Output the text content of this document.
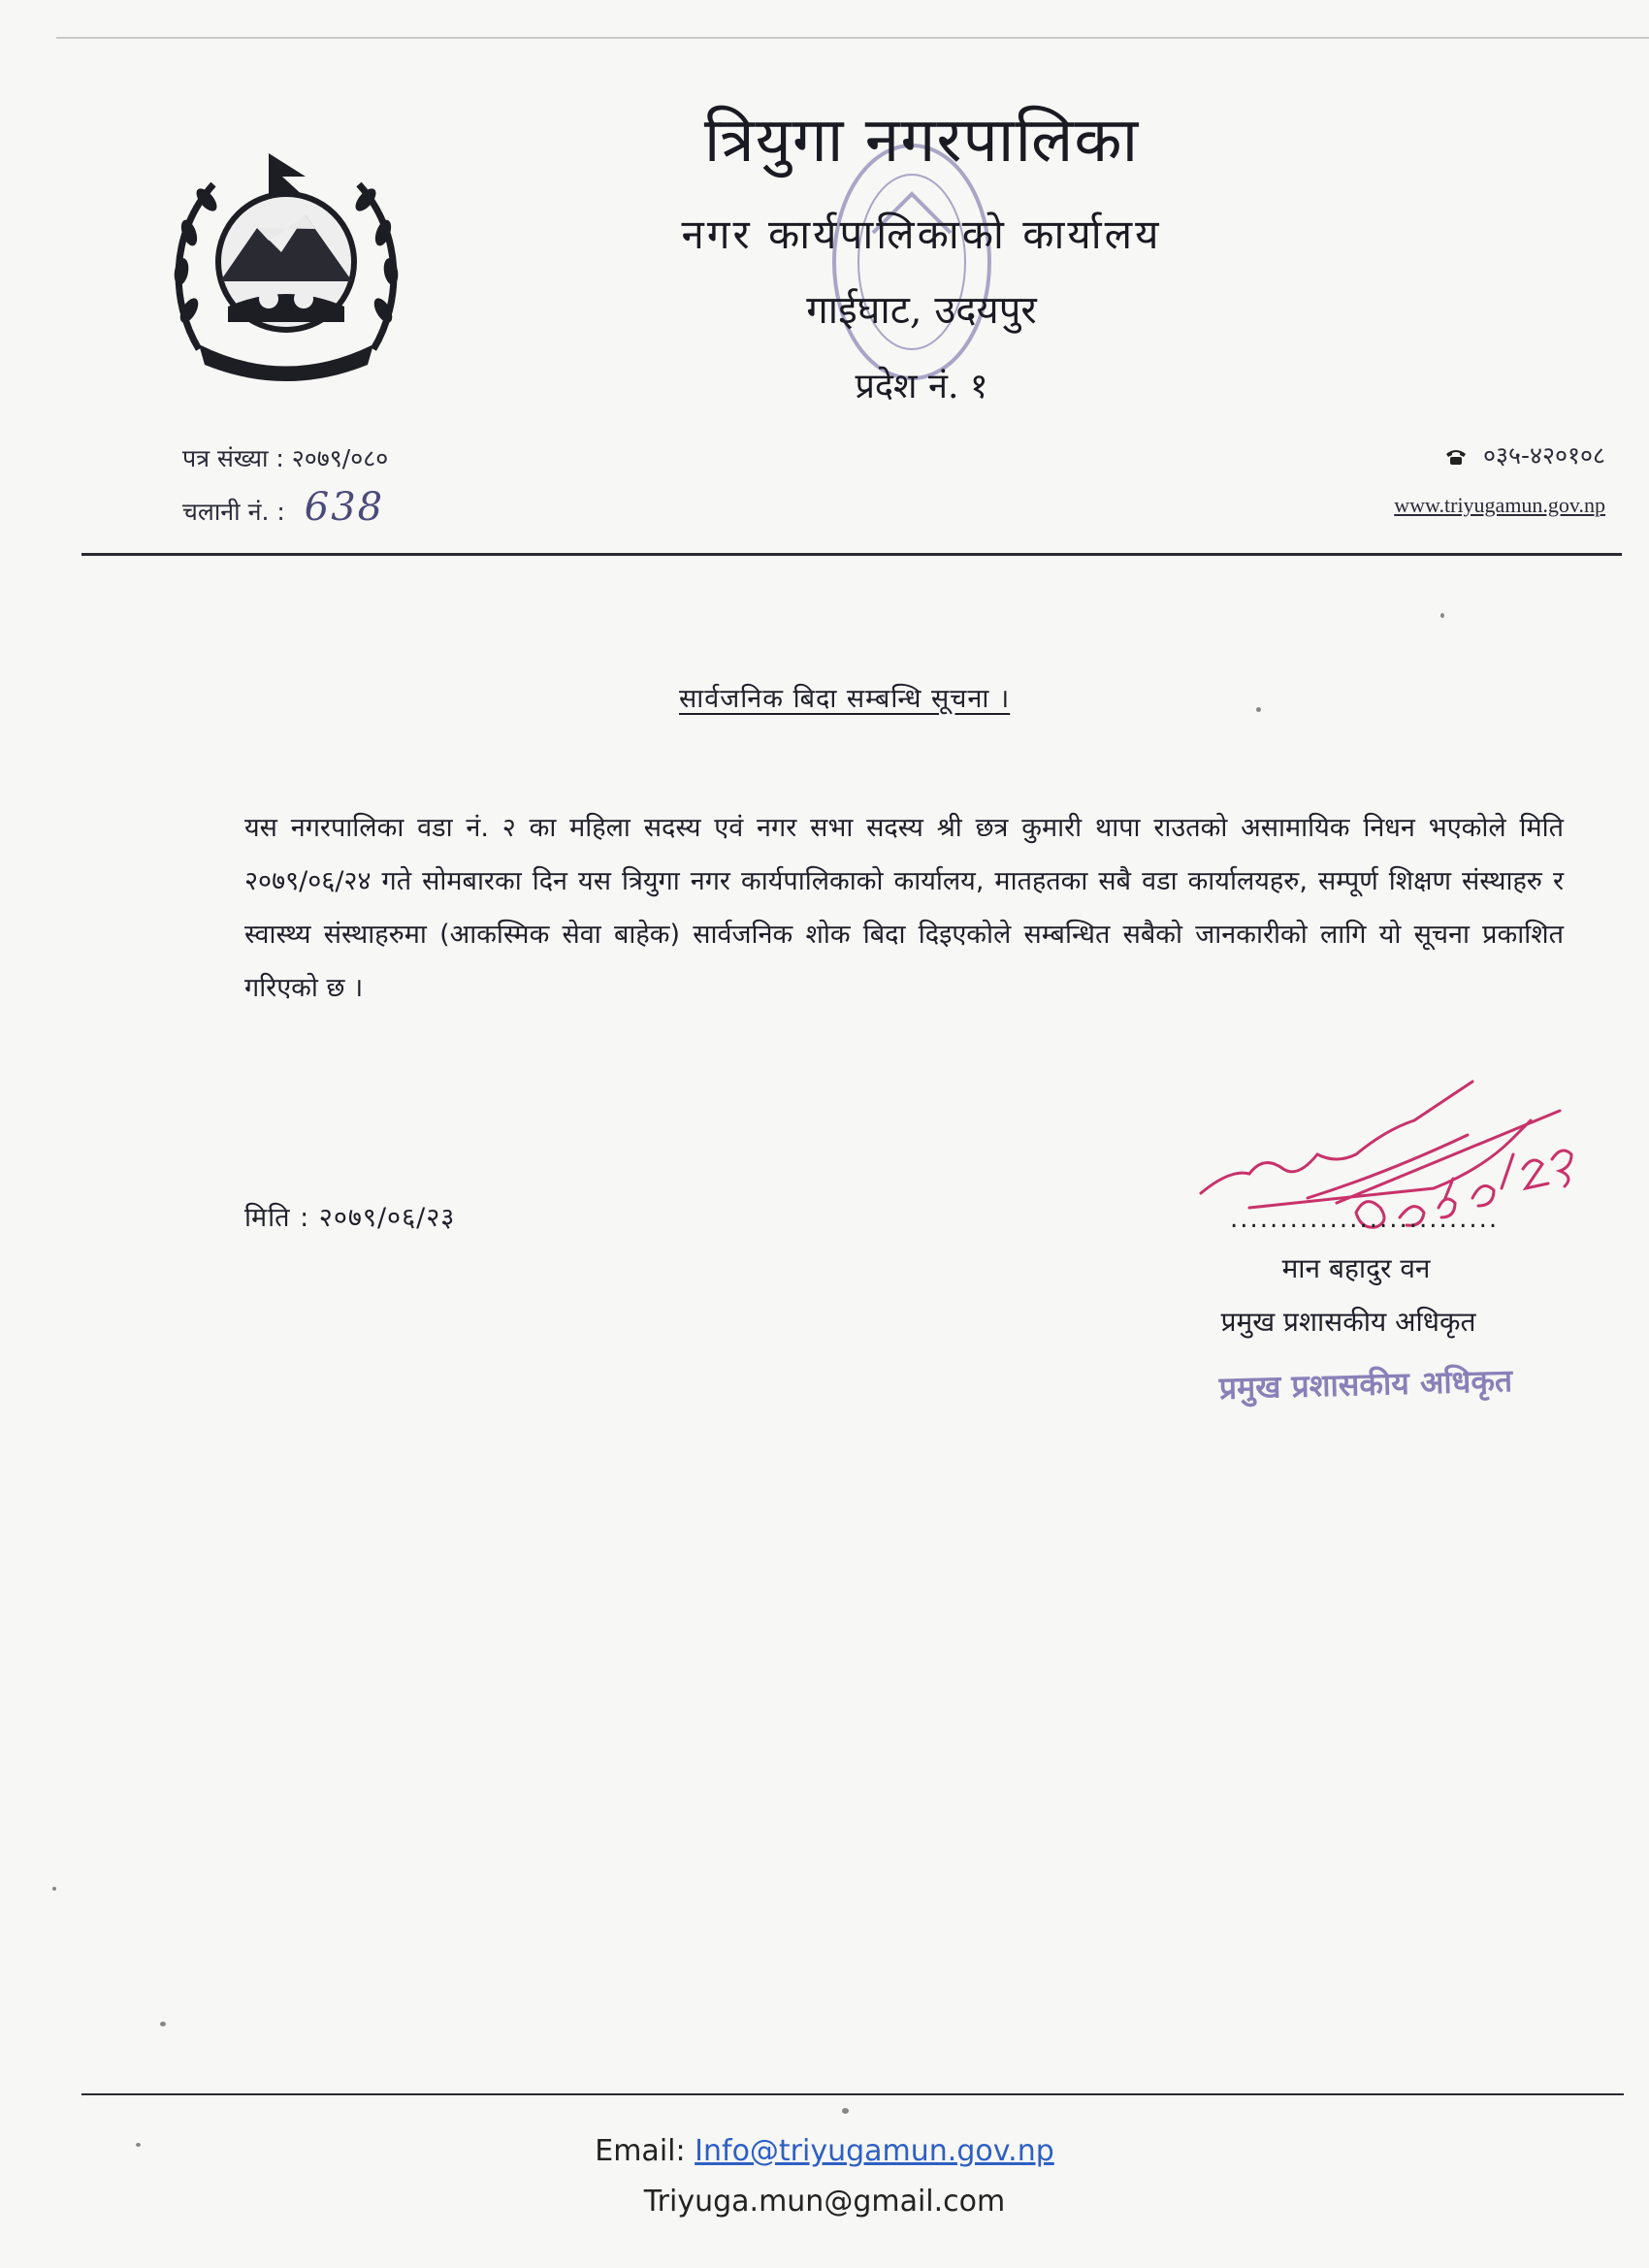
त्रियुगा नगरपालिका
नगर कार्यपालिकाको कार्यालय
गाईघाट, उदयपुर
प्रदेश नं. १
पत्र संख्या : २०७९/०८०
चलानी नं. : 638
०३५-४२०१०८
www.triyugamun.gov.np
सार्वजनिक बिदा सम्बन्धि सूचना ।
यस नगरपालिका वडा नं. २ का महिला सदस्य एवं नगर सभा सदस्य श्री छत्र कुमारी थापा राउतको असामायिक निधन भएकोले मिति २०७९/०६/२४ गते सोमबारका दिन यस त्रियुगा नगर कार्यपालिकाको कार्यालय, मातहतका सबै वडा कार्यालयहरु, सम्पूर्ण शिक्षण संस्थाहरु र स्वास्थ्य संस्थाहरुमा (आकस्मिक सेवा बाहेक) सार्वजनिक शोक बिदा दिइएकोले सम्बन्धित सबैको जानकारीको लागि यो सूचना प्रकाशित गरिएको छ ।
मिति : २०७९/०६/२३	...........................
मान बहादुर वन
प्रमुख प्रशासकीय अधिकृत
प्रमुख प्रशासकीय अधिकृत
Email: Info@triyugamun.gov.np
Triyuga.mun@gmail.com
